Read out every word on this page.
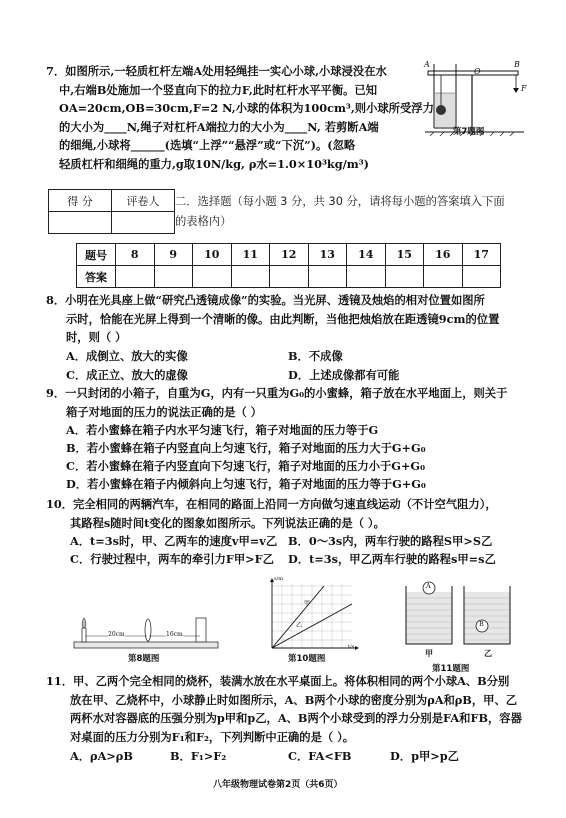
7．如图所示,一轻质杠杆左端A处用轻绳挂一实心小球,小球浸没在水
中,右端B处施加一个竖直向下的拉力F,此时杠杆水平平衡。已知
OA=20cm,OB=30cm,F=2 N,小球的体积为100cm³,则小球所受浮力
的大小为____N,绳子对杠杆A端拉力的大小为____N, 若剪断A端
的细绳,小球将______(选填“上浮”“悬浮”或“下沉”)。(忽略
轻质杠杆和细绳的重力,g取10N/kg, ρ水=1.0×10³kg/m³)
A
O
B
F
第7题图
得 分	评卷人
	二．选择题（每小题 3 分，共 30 分，请将每小题的答案填入下面
的表格内）
题号	8	9	10	11	12	13	14	15	16	17
答案										
8．小明在光具座上做“研究凸透镜成像”的实验。当光屏、透镜及烛焰的相对位置如图所
示时，恰能在光屏上得到一个清晰的像。由此判断，当他把烛焰放在距透镜9cm的位置
时，则（ ）
A．成倒立、放大的实像	B．不成像
C．成正立、放大的虚像	D．上述成像都有可能
9．一只封闭的小箱子，自重为G，内有一只重为G₀的小蜜蜂，箱子放在水平地面上，则关于
箱子对地面的压力的说法正确的是（ ）
A．若小蜜蜂在箱子内水平匀速飞行，箱子对地面的压力等于G
B．若小蜜蜂在箱子内竖直向上匀速飞行，箱子对地面的压力大于G+G₀
C．若小蜜蜂在箱子内竖直向下匀速飞行，箱子对地面的压力小于G+G₀
D．若小蜜蜂在箱子内倾斜向上匀速飞行，箱子对地面的压力等于G+G₀
10．完全相同的两辆汽车，在相同的路面上沿同一方向做匀速直线运动（不计空气阻力），
其路程s随时间t变化的图象如图所示。下列说法正确的是（ ）。
A．t=3s时，甲、乙两车的速度v甲=v乙 B．0～3s内，两车行驶的路程S甲>S乙
C．行驶过程中，两车的牵引力F甲>F乙 D．t=3s，甲乙两车行驶的路程s甲=s乙
20cm	16cm
第8题图
s/m
t/s
甲
乙
第10题图
A
B
甲	乙
第11题图
11．甲、乙两个完全相同的烧杯，装满水放在水平桌面上。将体积相同的两个小球A、B分别
放在甲、乙烧杯中，小球静止时如图所示，A、B两个小球的密度分别为ρA和ρB，甲、乙
两杯水对容器底的压强分别为p甲和p乙，A、B两个小球受到的浮力分别是FA和FB，容器
对桌面的压力分别为F₁和F₂，下列判断中正确的是（ ）。
A．ρA>ρB	B．F₁>F₂	C．FA<FB	D．p甲>p乙
八年级物理试卷第2页（共6页）
